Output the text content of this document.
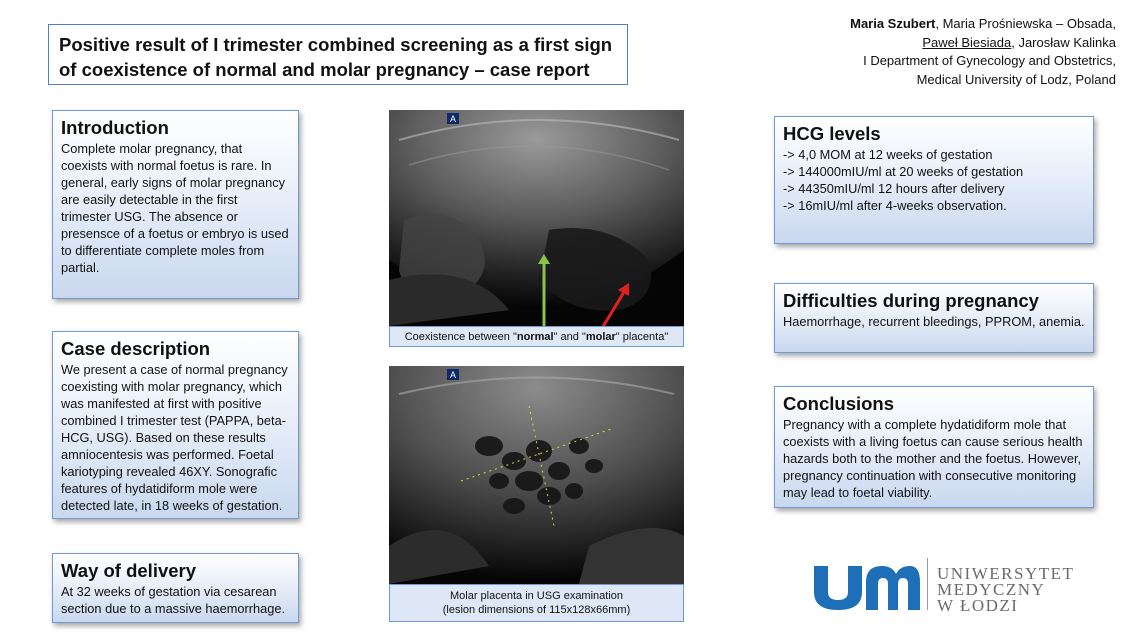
Positive result of I trimester combined screening as a first sign
of coexistence of normal and molar pregnancy – case report
Maria Szubert, Maria Prośniewska – Obsada,
Paweł Biesiada, Jarosław Kalinka
I Department of Gynecology and Obstetrics,
Medical University of Lodz, Poland
Introduction

Complete molar pregnancy, that coexists with normal foetus is rare. In general, early signs of molar pregnancy are easily detectable in the first trimester USG. The absence or presensce of a foetus or embryo is used to differentiate complete moles from partial.

Case description

We present a case of normal pregnancy coexisting with molar pregnancy, which was manifested at first with positive combined I trimester test (PAPPA, beta-HCG, USG). Based on these results amniocentesis was performed. Foetal kariotyping revealed 46XY. Sonografic features of hydatidiform mole were detected late, in 18 weeks of gestation.

Way of delivery

At 32 weeks of gestation via cesarean section due to a massive haemorrhage.

A
Coexistence between "normal" and "molar" placenta"
A
Molar placenta in USG examination
(lesion dimensions of 115x128x66mm)
HCG levels
-> 4,0 MOM at 12 weeks of gestation
-> 144000mIU/ml at 20 weeks of gestation
-> 44350mIU/ml 12 hours after delivery
-> 16mIU/ml after 4-weeks observation.
Difficulties during pregnancy

Haemorrhage, recurrent bleedings, PPROM, anemia.

Conclusions

Pregnancy with a complete hydatidiform mole that coexists with a living foetus can cause serious health hazards both to the mother and the foetus. However, pregnancy continuation with consecutive monitoring may lead to foetal viability.

UNIWERSYTET
MEDYCZNY
W ŁODZI
